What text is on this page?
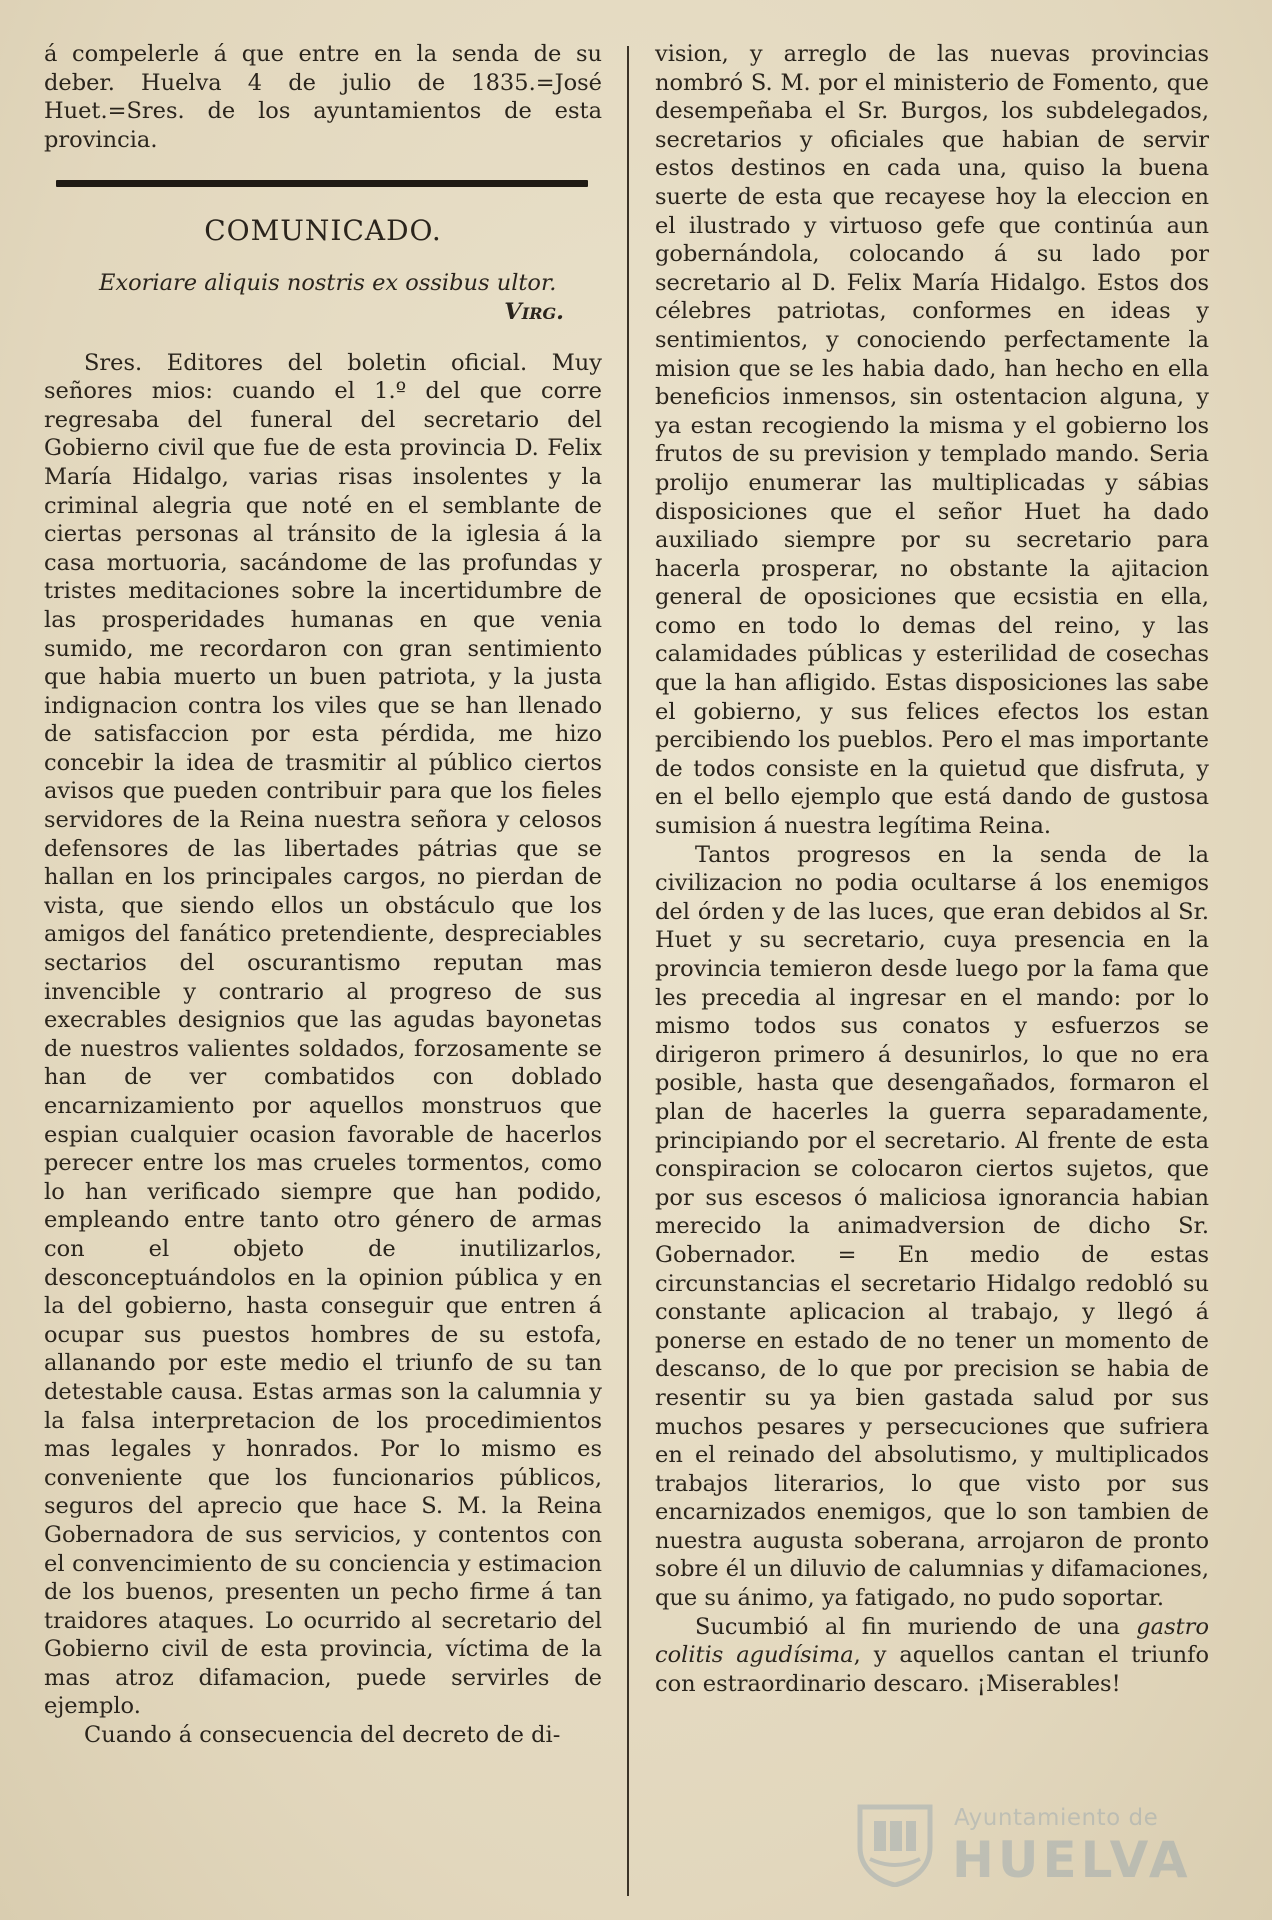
á compelerle á que entre en la senda de su deber. Huelva 4 de julio de 1835.=José Huet.=Sres. de los ayuntamientos de esta provincia.

COMUNICADO.

Exoriare aliquis nostris ex ossibus ultor.

Virg.

Sres. Editores del boletin oficial. Muy señores mios: cuando el 1.º del que corre regresaba del funeral del secretario del Gobierno civil que fue de esta provincia D. Felix María Hidalgo, varias risas insolentes y la criminal alegria que noté en el semblante de ciertas personas al tránsito de la iglesia á la casa mortuoria, sacándome de las profundas y tristes meditaciones sobre la incertidumbre de las prosperidades humanas en que venia sumido, me recordaron con gran sentimiento que habia muerto un buen patriota, y la justa indignacion contra los viles que se han llenado de satisfaccion por esta pérdida, me hizo concebir la idea de trasmitir al público ciertos avisos que pueden contribuir para que los fieles servidores de la Reina nuestra señora y celosos defensores de las libertades pátrias que se hallan en los principales cargos, no pierdan de vista, que siendo ellos un obstáculo que los amigos del fanático pretendiente, despreciables sectarios del oscurantismo reputan mas invencible y contrario al progreso de sus execrables designios que las agudas bayonetas de nuestros valientes soldados, forzosamente se han de ver combatidos con doblado encarnizamiento por aquellos monstruos que espian cualquier ocasion favorable de hacerlos perecer entre los mas crueles tormentos, como lo han verificado siempre que han podido, empleando entre tanto otro género de armas con el objeto de inutilizarlos, desconceptuándolos en la opinion pública y en la del gobierno, hasta conseguir que entren á ocupar sus puestos hombres de su estofa, allanando por este medio el triunfo de su tan detestable causa. Estas armas son la calumnia y la falsa interpretacion de los procedimientos mas legales y honrados. Por lo mismo es conveniente que los funcionarios públicos, seguros del aprecio que hace S. M. la Reina Gobernadora de sus servicios, y contentos con el convencimiento de su conciencia y estimacion de los buenos, presenten un pecho firme á tan traidores ataques. Lo ocurrido al secretario del Gobierno civil de esta provincia, víctima de la mas atroz difamacion, puede servirles de ejemplo.

Cuando á consecuencia del decreto de di-

vision, y arreglo de las nuevas provincias nombró S. M. por el ministerio de Fomento, que desempeñaba el Sr. Burgos, los subdelegados, secretarios y oficiales que habian de servir estos destinos en cada una, quiso la buena suerte de esta que recayese hoy la eleccion en el ilustrado y virtuoso gefe que continúa aun gobernándola, colocando á su lado por secretario al D. Felix María Hidalgo. Estos dos célebres patriotas, conformes en ideas y sentimientos, y conociendo perfectamente la mision que se les habia dado, han hecho en ella beneficios inmensos, sin ostentacion alguna, y ya estan recogiendo la misma y el gobierno los frutos de su prevision y templado mando. Seria prolijo enumerar las multiplicadas y sábias disposiciones que el señor Huet ha dado auxiliado siempre por su secretario para hacerla prosperar, no obstante la ajitacion general de oposiciones que ecsistia en ella, como en todo lo demas del reino, y las calamidades públicas y esterilidad de cosechas que la han afligido. Estas disposiciones las sabe el gobierno, y sus felices efectos los estan percibiendo los pueblos. Pero el mas importante de todos consiste en la quietud que disfruta, y en el bello ejemplo que está dando de gustosa sumision á nuestra legítima Reina.

Tantos progresos en la senda de la civilizacion no podia ocultarse á los enemigos del órden y de las luces, que eran debidos al Sr. Huet y su secretario, cuya presencia en la provincia temieron desde luego por la fama que les precedia al ingresar en el mando: por lo mismo todos sus conatos y esfuerzos se dirigeron primero á desunirlos, lo que no era posible, hasta que desengañados, formaron el plan de hacerles la guerra separadamente, principiando por el secretario. Al frente de esta conspiracion se colocaron ciertos sujetos, que por sus escesos ó maliciosa ignorancia habian merecido la animadversion de dicho Sr. Gobernador. = En medio de estas circunstancias el secretario Hidalgo redobló su constante aplicacion al trabajo, y llegó á ponerse en estado de no tener un momento de descanso, de lo que por precision se habia de resentir su ya bien gastada salud por sus muchos pesares y persecuciones que sufriera en el reinado del absolutismo, y multiplicados trabajos literarios, lo que visto por sus encarnizados enemigos, que lo son tambien de nuestra augusta soberana, arrojaron de pronto sobre él un diluvio de calumnias y difamaciones, que su ánimo, ya fatigado, no pudo soportar.

Sucumbió al fin muriendo de una gastro colitis agudísima, y aquellos cantan el triunfo con estraordinario descaro. ¡Miserables!

Ayuntamiento de
HUELVA
